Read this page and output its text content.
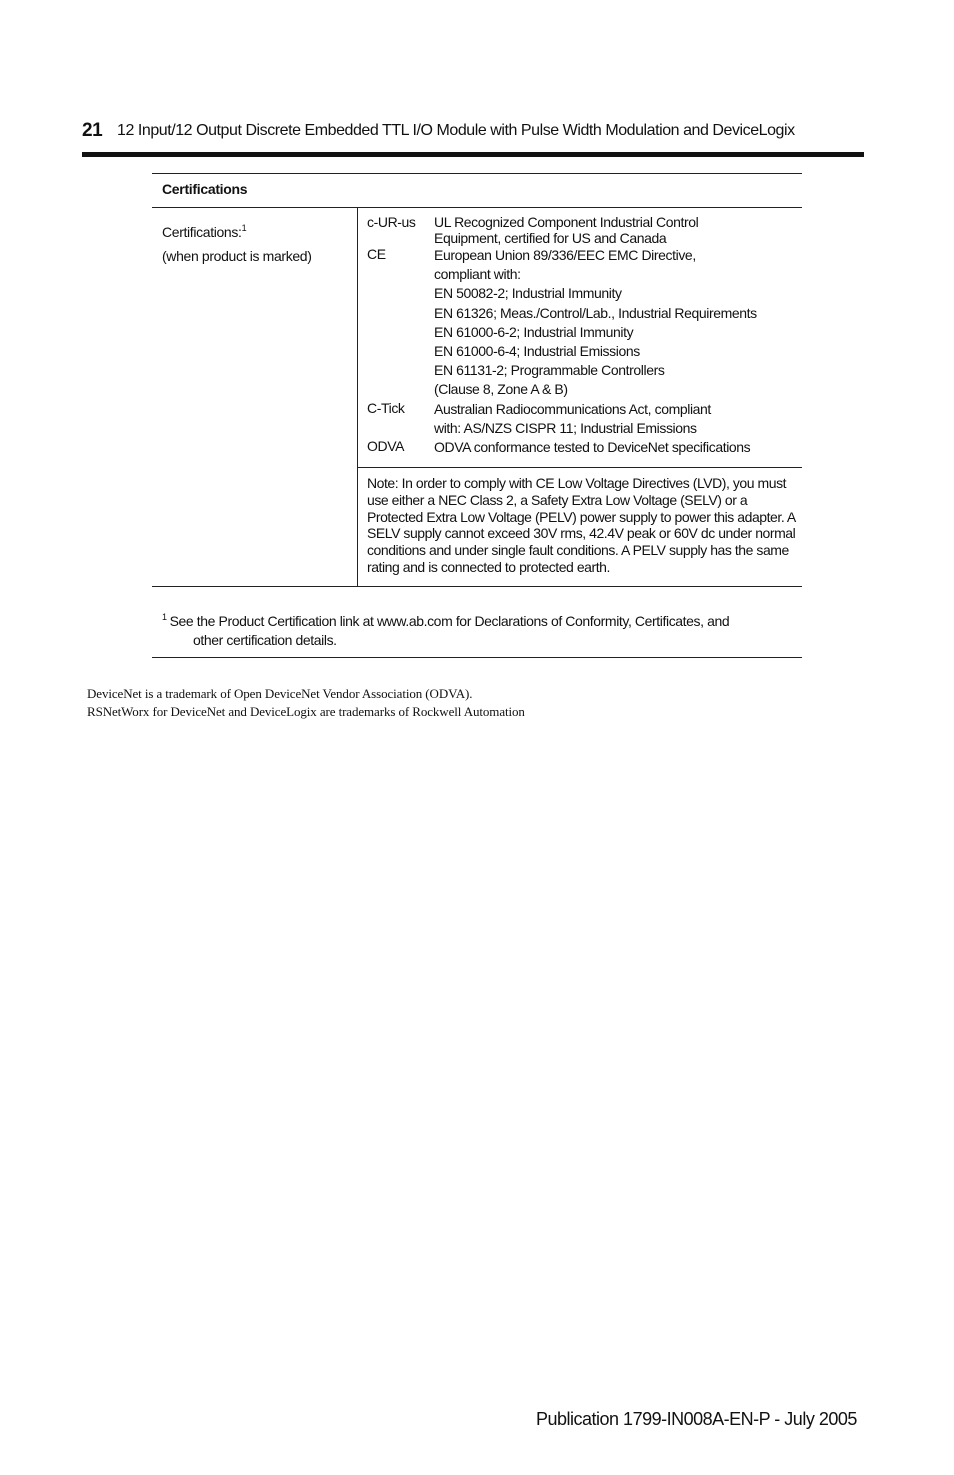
21 12 Input/12 Output Discrete Embedded TTL I/O Module with Pulse Width Modulation and DeviceLogix
Certifications
Certifications:$^1$
(when product is marked)
c-UR-us UL Recognized Component Industrial Control
Equipment, certified for US and Canada
CE	European Union 89/336/EEC EMC Directive,
compliant with:
EN 50082-2; Industrial Immunity
EN 61326; Meas./Control/Lab., Industrial Requirements
EN 61000-6-2; Industrial Immunity
EN 61000-6-4; Industrial Emissions
EN 61131-2; Programmable Controllers
(Clause 8, Zone A & B)
C-Tick Australian Radiocommunications Act, compliant
with: AS/NZS CISPR 11; Industrial Emissions
ODVA ODVA conformance tested to DeviceNet specifications
Note: In order to comply with CE Low Voltage Directives (LVD), you must use either a NEC Class 2, a Safety Extra Low Voltage (SELV) or a Protected Extra Low Voltage (PELV) power supply to power this adapter. A SELV supply cannot exceed 30V rms, 42.4V peak or 60V dc under normal conditions and under single fault conditions. A PELV supply has the same rating and is connected to protected earth.
$^1$ See the Product Certification link at www.ab.com for Declarations of Conformity, Certificates, and
other certification details.
DeviceNet is a trademark of Open DeviceNet Vendor Association (ODVA).
RSNetWorx for DeviceNet and DeviceLogix are trademarks of Rockwell Automation
Publication 1799-IN008A-EN-P - July 2005
